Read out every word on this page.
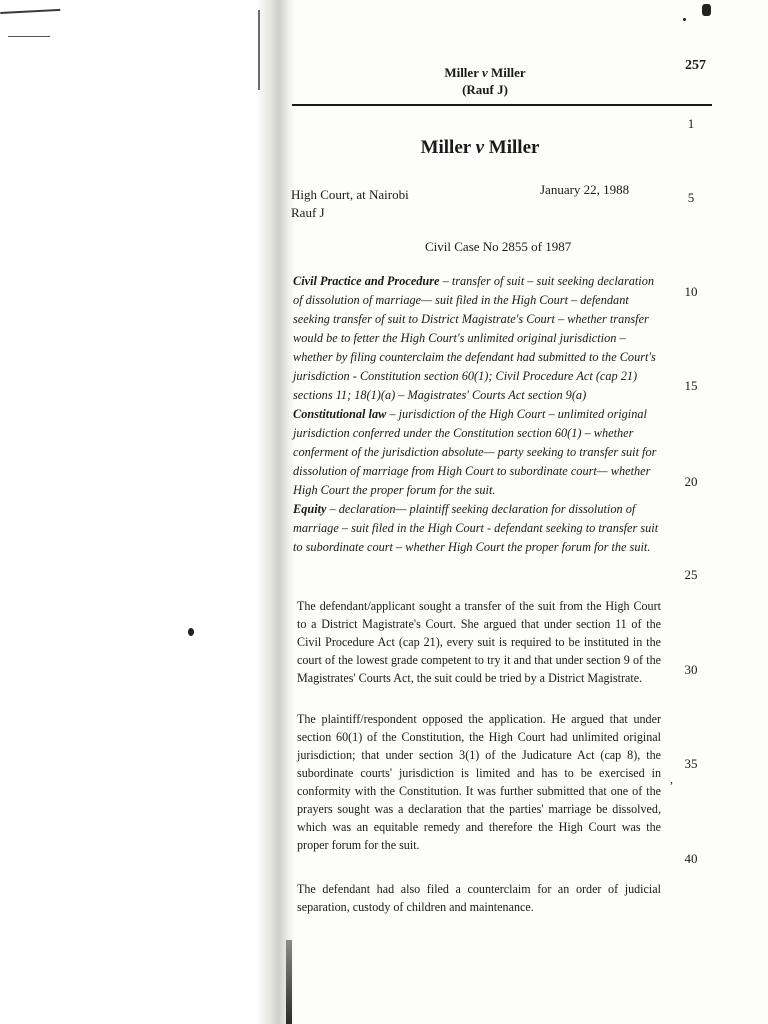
Miller v Miller
(Rauf J)
257
1
5
10
15
20
25
30
35
40
Miller v Miller
High Court, at Nairobi
Rauf J
January 22, 1988
Civil Case No 2855 of 1987
Civil Practice and Procedure – transfer of suit – suit seeking declaration of dissolution of marriage— suit filed in the High Court – defendant seeking transfer of suit to District Magistrate's Court – whether transfer would be to fetter the High Court's unlimited original jurisdiction – whether by filing counterclaim the defendant had submitted to the Court's jurisdiction - Constitution section 60(1); Civil Procedure Act (cap 21) sections 11; 18(1)(a) – Magistrates' Courts Act section 9(a)
Constitutional law – jurisdiction of the High Court – unlimited original jurisdiction conferred under the Constitution section 60(1) – whether conferment of the jurisdiction absolute— party seeking to transfer suit for dissolution of marriage from High Court to subordinate court— whether High Court the proper forum for the suit.
Equity – declaration— plaintiff seeking declaration for dissolution of marriage – suit filed in the High Court - defendant seeking to transfer suit to subordinate court – whether High Court the proper forum for the suit.
The defendant/applicant sought a transfer of the suit from the High Court to a District Magistrate's Court. She argued that under section 11 of the Civil Procedure Act (cap 21), every suit is required to be instituted in the court of the lowest grade competent to try it and that under section 9 of the Magistrates' Courts Act, the suit could be tried by a District Magistrate.
The plaintiff/respondent opposed the application. He argued that under section 60(1) of the Constitution, the High Court had unlimited original jurisdiction; that under section 3(1) of the Judicature Act (cap 8), the subordinate courts' jurisdiction is limited and has to be exercised in conformity with the Constitution. It was further submitted that one of the prayers sought was a declaration that the parties' marriage be dissolved, which was an equitable remedy and therefore the High Court was the proper forum for the suit.
The defendant had also filed a counterclaim for an order of judicial separation, custody of children and maintenance.
,
